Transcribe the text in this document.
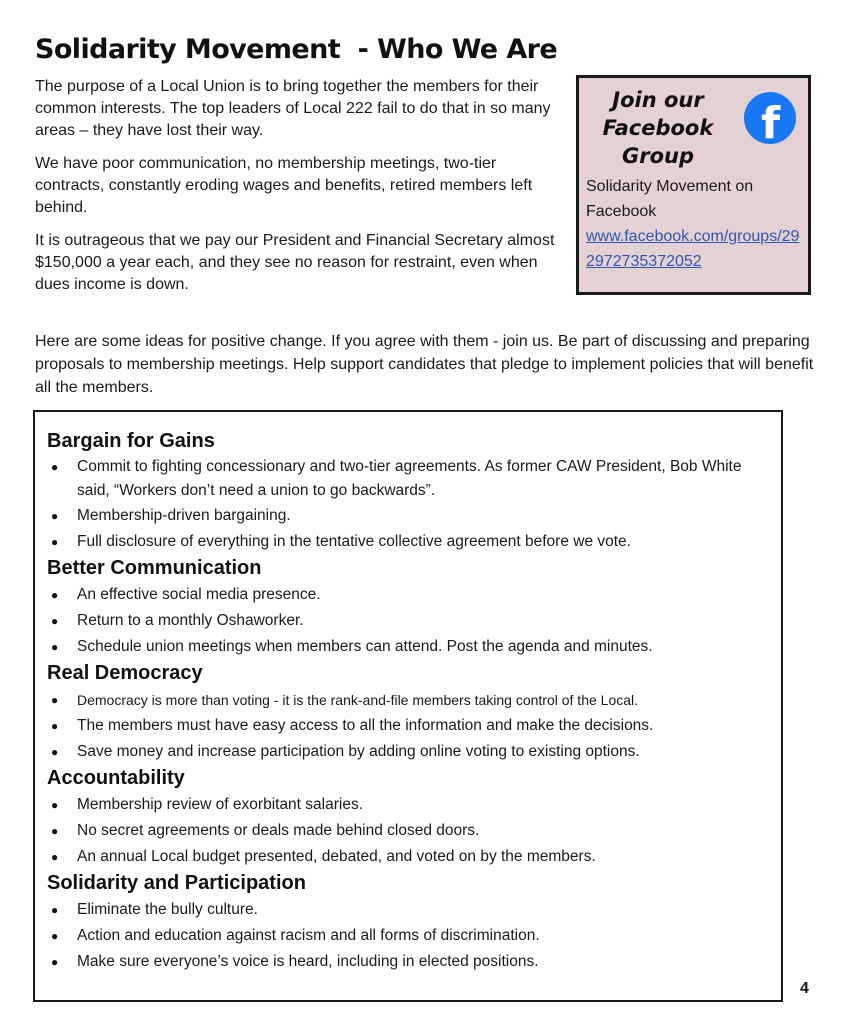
Solidarity Movement  - Who We Are

The purpose of a Local Union is to bring together the members for their common interests. The top leaders of Local 222 fail to do that in so many areas – they have lost their way.

We have poor communication, no membership meetings, two-tier contracts, constantly eroding wages and benefits, retired members left behind.

It is outrageous that we pay our President and Financial Secretary almost $150,000 a year each, and they see no reason for restraint, even when dues income is down.

Join our Facebook Group
f
Solidarity Movement on Facebook
www.facebook.com/groups/292972735372052

Here are some ideas for positive change. If you agree with them - join us. Be part of discussing and preparing proposals to membership meetings. Help support candidates that pledge to implement policies that will benefit all the members.

Bargain for Gains
● Commit to fighting concessionary and two-tier agreements. As former CAW President, Bob White said, “Workers don’t need a union to go backwards”.
● Membership-driven bargaining.
● Full disclosure of everything in the tentative collective agreement before we vote.
Better Communication
● An effective social media presence.
● Return to a monthly Oshaworker.
● Schedule union meetings when members can attend. Post the agenda and minutes.
Real Democracy
● Democracy is more than voting - it is the rank-and-file members taking control of the Local.
● The members must have easy access to all the information and make the decisions.
● Save money and increase participation by adding online voting to existing options.
Accountability
● Membership review of exorbitant salaries.
● No secret agreements or deals made behind closed doors.
● An annual Local budget presented, debated, and voted on by the members.
Solidarity and Participation
● Eliminate the bully culture.
● Action and education against racism and all forms of discrimination.
● Make sure everyone’s voice is heard, including in elected positions.
4
